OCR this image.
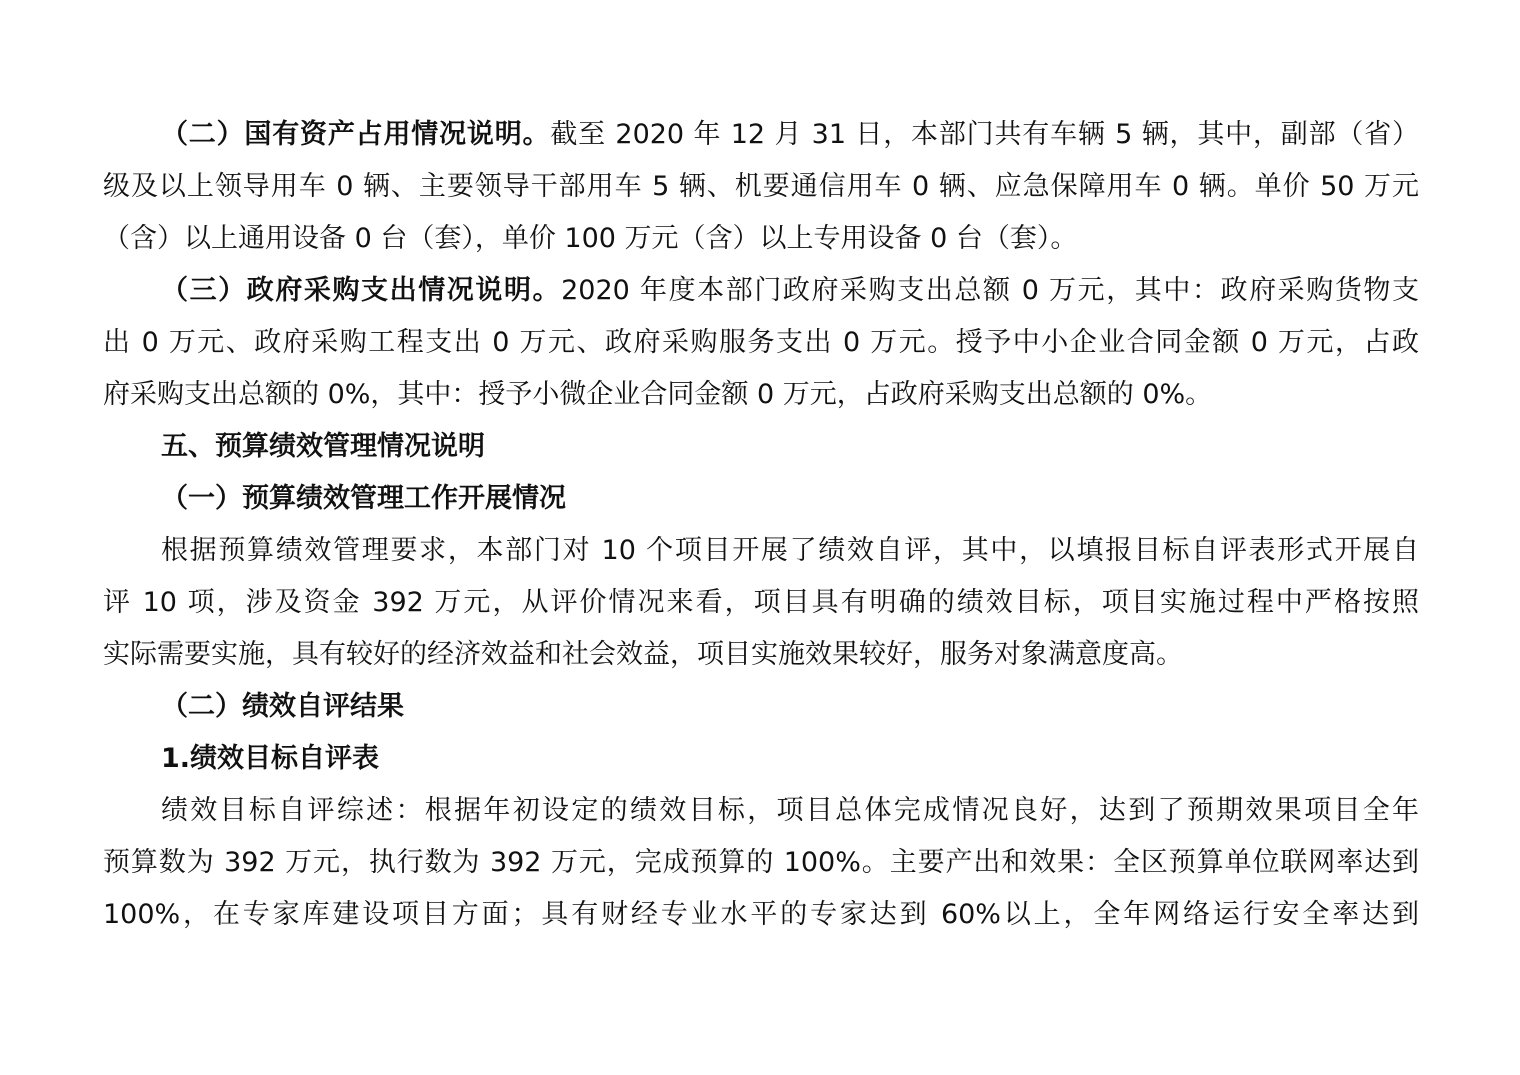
（二）国有资产占用情况说明。截至 2020 年 12 月 31 日，本部门共有车辆 5 辆，其中，副部（省）
级及以上领导用车 0 辆、主要领导干部用车 5 辆、机要通信用车 0 辆、应急保障用车 0 辆。单价 50 万元
（含）以上通用设备 0 台（套），单价 100 万元（含）以上专用设备 0 台（套）。
（三）政府采购支出情况说明。2020 年度本部门政府采购支出总额 0 万元，其中：政府采购货物支
出 0 万元、政府采购工程支出 0 万元、政府采购服务支出 0 万元。授予中小企业合同金额 0 万元，占政
府采购支出总额的 0%，其中：授予小微企业合同金额 0 万元，占政府采购支出总额的 0%。
五、预算绩效管理情况说明
（一）预算绩效管理工作开展情况
根据预算绩效管理要求，本部门对 10 个项目开展了绩效自评，其中，以填报目标自评表形式开展自
评 10 项，涉及资金 392 万元，从评价情况来看，项目具有明确的绩效目标，项目实施过程中严格按照
实际需要实施，具有较好的经济效益和社会效益，项目实施效果较好，服务对象满意度高。
（二）绩效自评结果
1.绩效目标自评表
绩效目标自评综述：根据年初设定的绩效目标，项目总体完成情况良好，达到了预期效果项目全年
预算数为 392 万元，执行数为 392 万元，完成预算的 100%。主要产出和效果：全区预算单位联网率达到
100%，在专家库建设项目方面；具有财经专业水平的专家达到 60%以上，全年网络运行安全率达到
